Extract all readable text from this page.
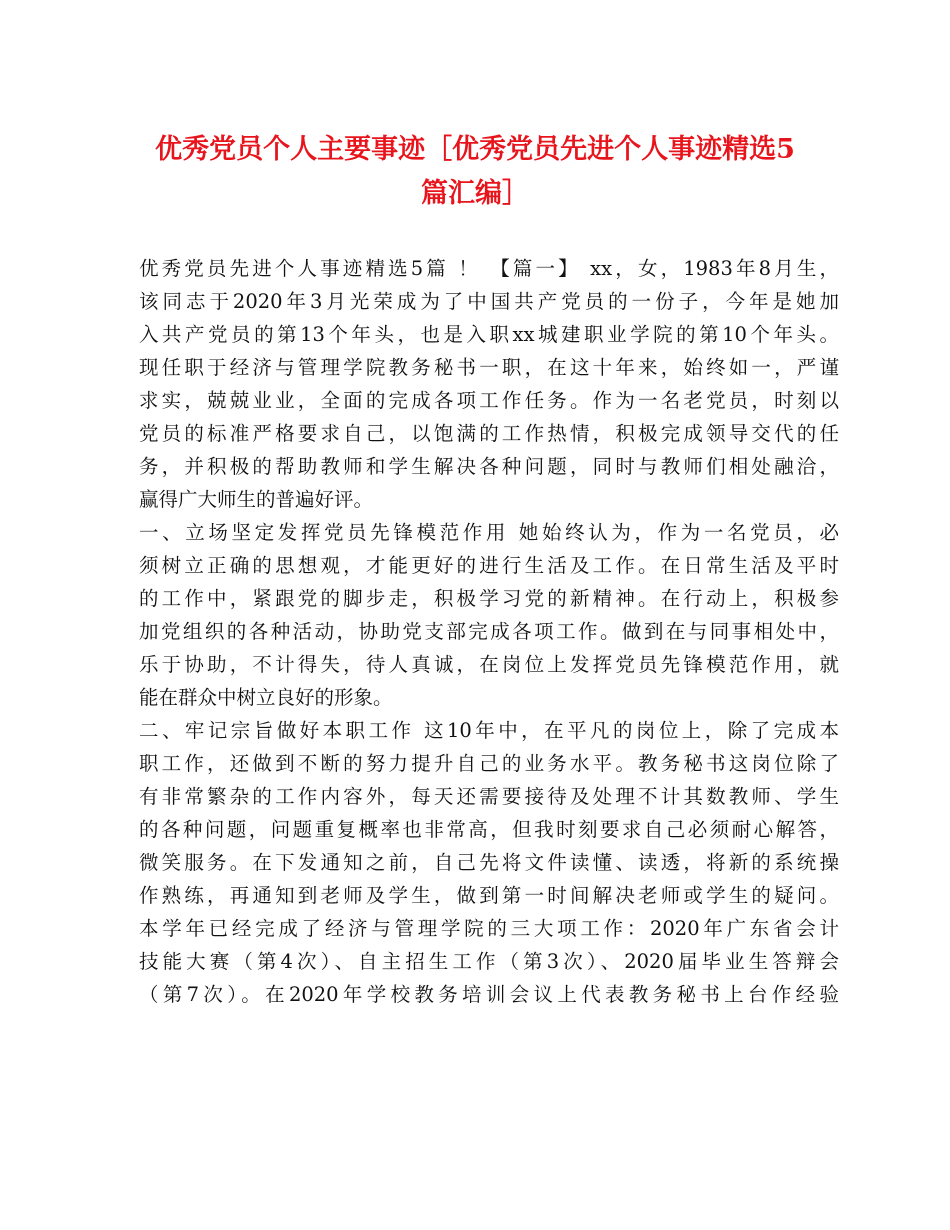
优秀党员个人主要事迹［优秀党员先进个人事迹精选5
篇汇编］
优秀党员先进个人事迹精选5篇 ！ 【篇一】 xx，女，1983年8月生，
该同志于2020年3月光荣成为了中国共产党员的一份子，今年是她加
入共产党员的第13个年头，也是入职xx城建职业学院的第10个年头。
现任职于经济与管理学院教务秘书一职，在这十年来，始终如一，严谨
求实，兢兢业业，全面的完成各项工作任务。作为一名老党员，时刻以
党员的标准严格要求自己，以饱满的工作热情，积极完成领导交代的任
务，并积极的帮助教师和学生解决各种问题，同时与教师们相处融洽，
赢得广大师生的普遍好评。
一、立场坚定发挥党员先锋模范作用 她始终认为，作为一名党员，必
须树立正确的思想观，才能更好的进行生活及工作。在日常生活及平时
的工作中，紧跟党的脚步走，积极学习党的新精神。在行动上，积极参
加党组织的各种活动，协助党支部完成各项工作。做到在与同事相处中，
乐于协助，不计得失，待人真诚，在岗位上发挥党员先锋模范作用，就
能在群众中树立良好的形象。
二、牢记宗旨做好本职工作 这10年中，在平凡的岗位上，除了完成本
职工作，还做到不断的努力提升自己的业务水平。教务秘书这岗位除了
有非常繁杂的工作内容外，每天还需要接待及处理不计其数教师、学生
的各种问题，问题重复概率也非常高，但我时刻要求自己必须耐心解答，
微笑服务。在下发通知之前，自己先将文件读懂、读透，将新的系统操
作熟练，再通知到老师及学生，做到第一时间解决老师或学生的疑问。
本学年已经完成了经济与管理学院的三大项工作：2020年广东省会计
技能大赛（第4次）、自主招生工作（第3次）、2020届毕业生答辩会
（第7次）。在2020年学校教务培训会议上代表教务秘书上台作经验
